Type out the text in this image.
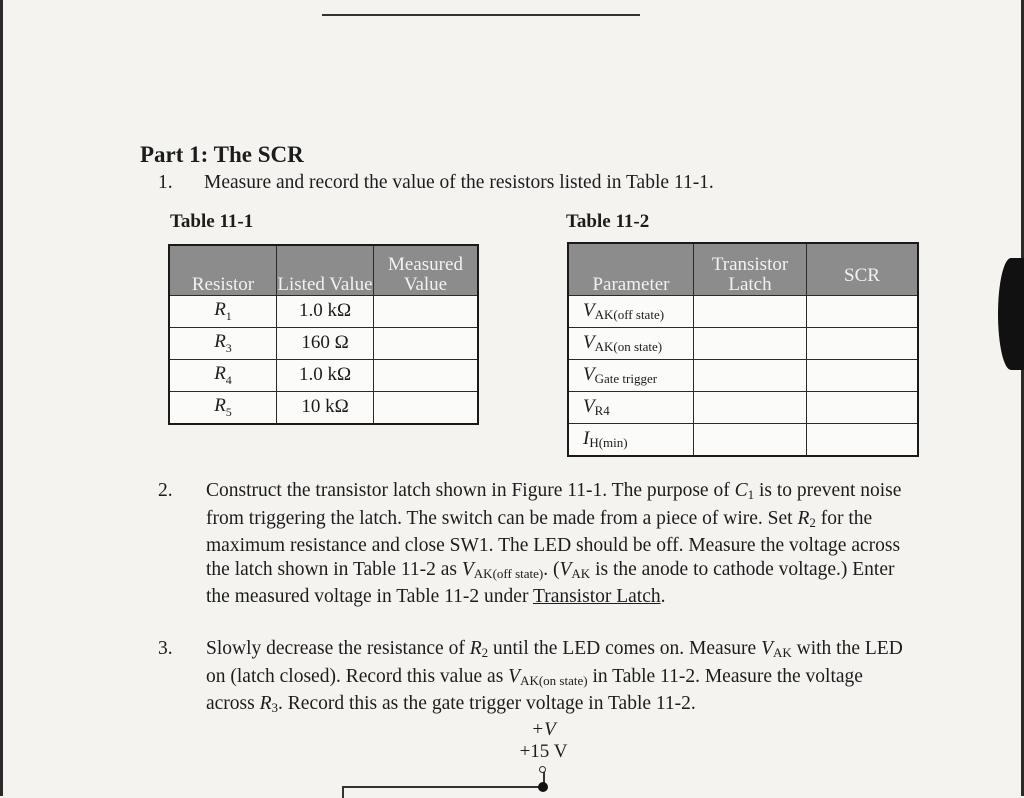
Part 1: The SCR
1. Measure and record the value of the resistors listed in Table 11-1.
Table 11-1	Table 11-2
Resistor	Listed Value	Measured Value
$R_1$	1.0 kΩ	
$R_3$	160 Ω	
$R_4$	1.0 kΩ	
$R_5$	10 kΩ	
Parameter	Transistor Latch	SCR
$V_{AK(off state)}$		
$V_{AK(on state)}$		
$V_{Gate trigger}$		
$V_{R4}$		
$I_{H(min)}$		
2. Construct the transistor latch shown in Figure 11-1. The purpose of $C_1$ is to prevent noise from triggering the latch. The switch can be made from a piece of wire. Set $R_2$ for the maximum resistance and close SW1. The LED should be off. Measure the voltage across the latch shown in Table 11-2 as $V_{AK(off state)}$. ($V_{AK}$ is the anode to cathode voltage.) Enter the measured voltage in Table 11-2 under Transistor Latch.
3. Slowly decrease the resistance of $R_2$ until the LED comes on. Measure $V_{AK}$ with the LED on (latch closed). Record this value as $V_{AK(on state)}$ in Table 11-2. Measure the voltage across $R_3$. Record this as the gate trigger voltage in Table 11-2.
+V
+15 V
